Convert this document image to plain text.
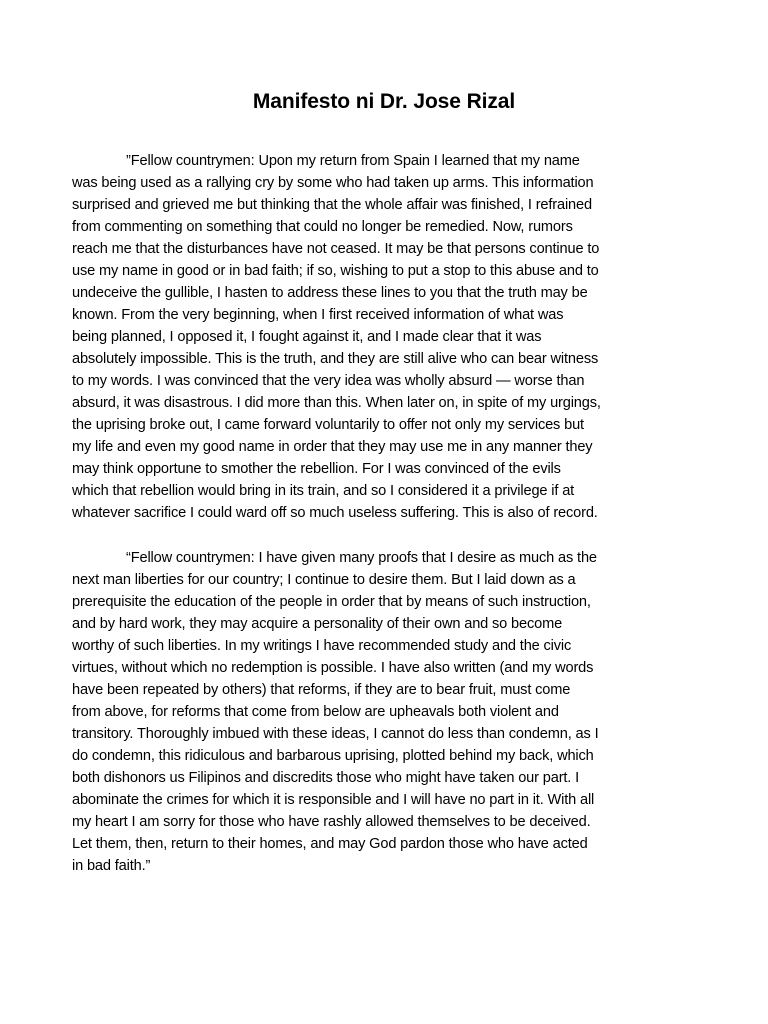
Manifesto ni Dr. Jose Rizal
”Fellow countrymen: Upon my return from Spain I learned that my name
was being used as a rallying cry by some who had taken up arms. This information
surprised and grieved me but thinking that the whole affair was finished, I refrained
from commenting on something that could no longer be remedied. Now, rumors
reach me that the disturbances have not ceased. It may be that persons continue to
use my name in good or in bad faith; if so, wishing to put a stop to this abuse and to
undeceive the gullible, I hasten to address these lines to you that the truth may be
known. From the very beginning, when I first received information of what was
being planned, I opposed it, I fought against it, and I made clear that it was
absolutely impossible. This is the truth, and they are still alive who can bear witness
to my words. I was convinced that the very idea was wholly absurd — worse than
absurd, it was disastrous. I did more than this. When later on, in spite of my urgings,
the uprising broke out, I came forward voluntarily to offer not only my services but
my life and even my good name in order that they may use me in any manner they
may think opportune to smother the rebellion. For I was convinced of the evils
which that rebellion would bring in its train, and so I considered it a privilege if at
whatever sacrifice I could ward off so much useless suffering. This is also of record.
“Fellow countrymen: I have given many proofs that I desire as much as the
next man liberties for our country; I continue to desire them. But I laid down as a
prerequisite the education of the people in order that by means of such instruction,
and by hard work, they may acquire a personality of their own and so become
worthy of such liberties. In my writings I have recommended study and the civic
virtues, without which no redemption is possible. I have also written (and my words
have been repeated by others) that reforms, if they are to bear fruit, must come
from above, for reforms that come from below are upheavals both violent and
transitory. Thoroughly imbued with these ideas, I cannot do less than condemn, as I
do condemn, this ridiculous and barbarous uprising, plotted behind my back, which
both dishonors us Filipinos and discredits those who might have taken our part. I
abominate the crimes for which it is responsible and I will have no part in it. With all
my heart I am sorry for those who have rashly allowed themselves to be deceived.
Let them, then, return to their homes, and may God pardon those who have acted
in bad faith.”
